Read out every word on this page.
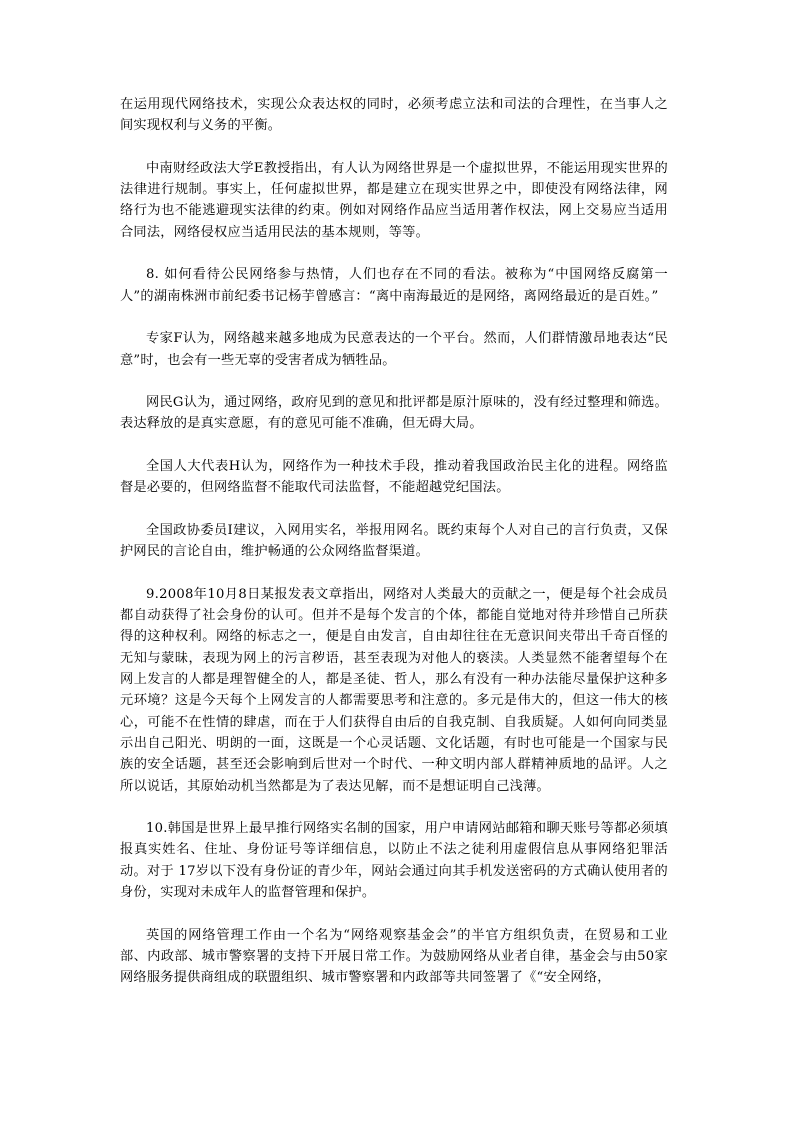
在运用现代网络技术，实现公众表达权的同时，必须考虑立法和司法的合理性，在当事人之间实现权利与义务的平衡。

中南财经政法大学E教授指出，有人认为网络世界是一个虚拟世界，不能运用现实世界的法律进行规制。事实上，任何虚拟世界，都是建立在现实世界之中，即使没有网络法律，网络行为也不能逃避现实法律的约束。例如对网络作品应当适用著作权法，网上交易应当适用合同法，网络侵权应当适用民法的基本规则，等等。

8. 如何看待公民网络参与热情，人们也存在不同的看法。被称为“中国网络反腐第一人”的湖南株洲市前纪委书记杨芋曾感言：“离中南海最近的是网络，离网络最近的是百姓。”

专家F认为，网络越来越多地成为民意表达的一个平台。然而，人们群情激昂地表达“民意”时，也会有一些无辜的受害者成为牺牲品。

网民G认为，通过网络，政府见到的意见和批评都是原汁原味的，没有经过整理和筛选。表达释放的是真实意愿，有的意见可能不准确，但无碍大局。

全国人大代表H认为，网络作为一种技术手段，推动着我国政治民主化的进程。网络监督是必要的，但网络监督不能取代司法监督，不能超越党纪国法。

全国政协委员I建议，入网用实名，举报用网名。既约束每个人对自己的言行负责，又保护网民的言论自由，维护畅通的公众网络监督渠道。

9.2008年10月8日某报发表文章指出，网络对人类最大的贡献之一，便是每个社会成员都自动获得了社会身份的认可。但并不是每个发言的个体，都能自觉地对待并珍惜自己所获得的这种权利。网络的标志之一，便是自由发言，自由却往往在无意识间夹带出千奇百怪的无知与蒙昧，表现为网上的污言秽语，甚至表现为对他人的亵渎。人类显然不能奢望每个在网上发言的人都是理智健全的人，都是圣徒、哲人，那么有没有一种办法能尽量保护这种多元环境？这是今天每个上网发言的人都需要思考和注意的。多元是伟大的，但这一伟大的核心，可能不在性情的肆虐，而在于人们获得自由后的自我克制、自我质疑。人如何向同类显示出自己阳光、明朗的一面，这既是一个心灵话题、文化话题，有时也可能是一个国家与民族的安全话题，甚至还会影响到后世对一个时代、一种文明内部人群精神质地的品评。人之所以说话，其原始动机当然都是为了表达见解，而不是想证明自己浅薄。

10.韩国是世界上最早推行网络实名制的国家，用户申请网站邮箱和聊天账号等都必须填报真实姓名、住址、身份证号等详细信息，以防止不法之徒利用虚假信息从事网络犯罪活动。对于 17岁以下没有身份证的青少年，网站会通过向其手机发送密码的方式确认使用者的身份，实现对未成年人的监督管理和保护。

英国的网络管理工作由一个名为“网络观察基金会”的半官方组织负责，在贸易和工业部、内政部、城市警察署的支持下开展日常工作。为鼓励网络从业者自律，基金会与由50家网络服务提供商组成的联盟组织、城市警察署和内政部等共同签署了《“安全网络，
